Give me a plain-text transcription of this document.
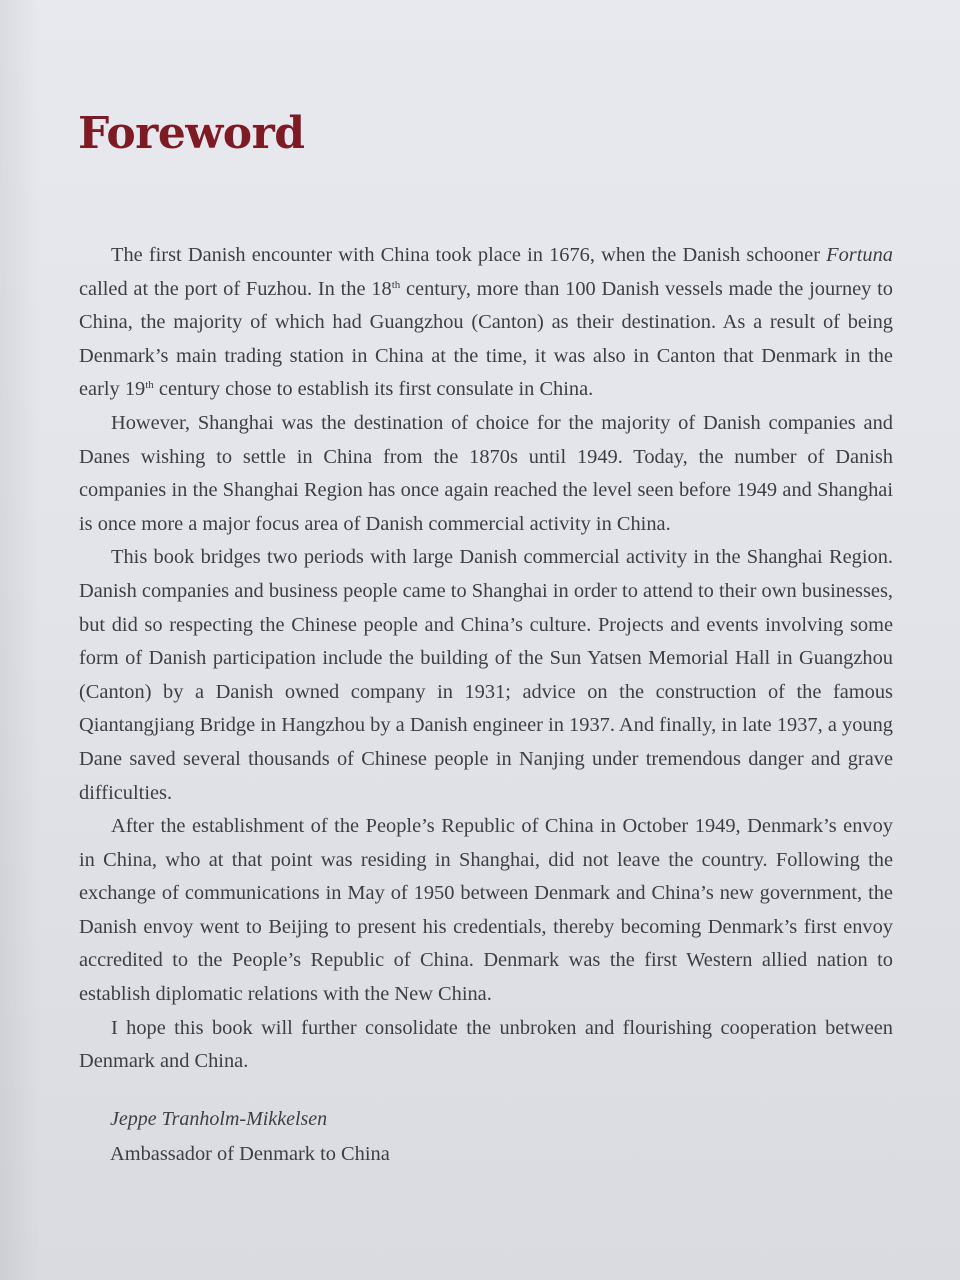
Foreword

The first Danish encounter with China took place in 1676, when the Danish schooner Fortuna called at the port of Fuzhou. In the 18th century, more than 100 Danish vessels made the journey to China, the majority of which had Guangzhou (Canton) as their destination. As a result of being Denmark’s main trading station in China at the time, it was also in Canton that Denmark in the early 19th century chose to establish its first consulate in China.

However, Shanghai was the destination of choice for the majority of Danish companies and Danes wishing to settle in China from the 1870s until 1949. Today, the number of Danish companies in the Shanghai Region has once again reached the level seen before 1949 and Shanghai is once more a major focus area of Danish commercial activity in China.

This book bridges two periods with large Danish commercial activity in the Shanghai Region. Danish companies and business people came to Shanghai in order to attend to their own businesses, but did so respecting the Chinese people and China’s culture. Projects and events involving some form of Danish participation include the building of the Sun Yatsen Memorial Hall in Guangzhou (Canton) by a Danish owned company in 1931; advice on the construction of the famous Qiantangjiang Bridge in Hangzhou by a Danish engineer in 1937. And finally, in late 1937, a young Dane saved several thousands of Chinese people in Nanjing under tremendous danger and grave difficulties.

After the establishment of the People’s Republic of China in October 1949, Denmark’s envoy in China, who at that point was residing in Shanghai, did not leave the country. Following the exchange of communications in May of 1950 between Denmark and China’s new government, the Danish envoy went to Beijing to present his credentials, thereby becoming Denmark’s first envoy accredited to the People’s Republic of China. Denmark was the first Western allied nation to establish diplomatic relations with the New China.

I hope this book will further consolidate the unbroken and flourishing cooperation between Denmark and China.

Jeppe Tranholm-Mikkelsen
Ambassador of Denmark to China
